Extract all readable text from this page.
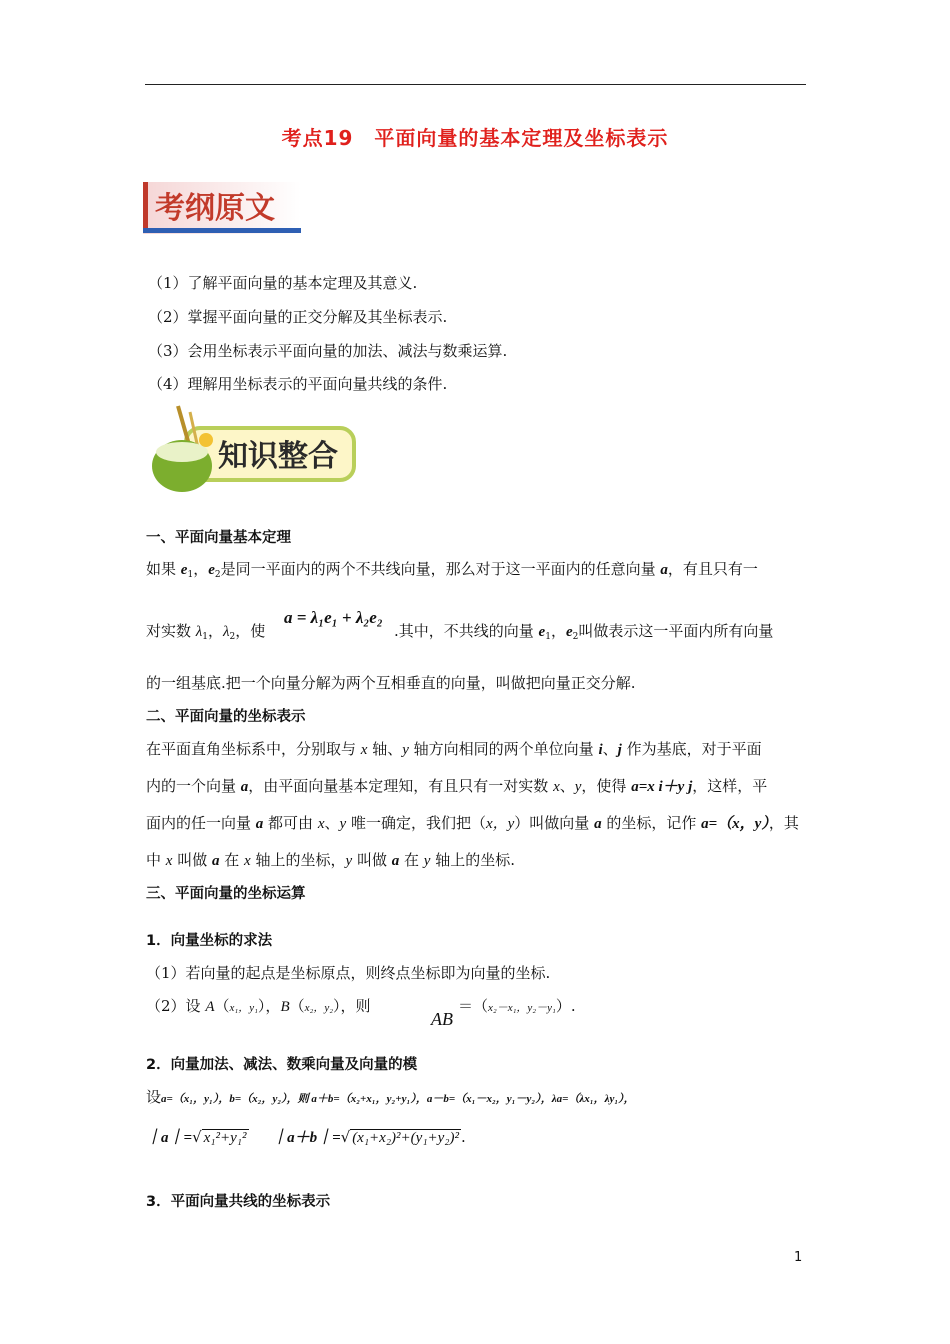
考点19　平面向量的基本定理及坐标表示
考纲原文
（1）了解平面向量的基本定理及其意义.
（2）掌握平面向量的正交分解及其坐标表示.
（3）会用坐标表示平面向量的加法、减法与数乘运算.
（4）理解用坐标表示的平面向量共线的条件.
知识整合
一、平面向量基本定理
如果 $e_1$，$e_2$是同一平面内的两个不共线向量，那么对于这一平面内的任意向量 a，有且只有一
对实数 $\lambda_1$，$\lambda_2$，使
a = λ₁e₁ + λ₂e₂
.其中，不共线的向量 $e_1$，$e_2$叫做表示这一平面内所有向量
的一组基底.把一个向量分解为两个互相垂直的向量，叫做把向量正交分解.
二、平面向量的坐标表示
在平面直角坐标系中，分别取与 x 轴、y 轴方向相同的两个单位向量 i、j 作为基底，对于平面
内的一个向量 a，由平面向量基本定理知，有且只有一对实数 x、y，使得 a=x i＋y j，这样，平
面内的任一向量 a 都可由 x、y 唯一确定，我们把（x，y）叫做向量 a 的坐标，记作 a=（x，y），其
中 x 叫做 a 在 x 轴上的坐标，y 叫做 a 在 y 轴上的坐标.
三、平面向量的坐标运算
1．向量坐标的求法
（1）若向量的起点是坐标原点，则终点坐标即为向量的坐标.
（2）设 A（x₁，y₁），B（x₂，y₂），则
AB
＝（x₂－x₁，y₂－y₁）.
2．向量加法、减法、数乘向量及向量的模
设a=（x₁，y₁），b=（x₂，y₂），则 a＋b=（x₂+x₁，y₂+y₁），a－b=（x₁－x₂，y₁－y₂），λa=（λx₁，λy₁），
｜a｜=√ x₁²+y₁² ｜a＋b｜=√ (x₁+x₂)²+(y₁+y₂)² .
3．平面向量共线的坐标表示
1
